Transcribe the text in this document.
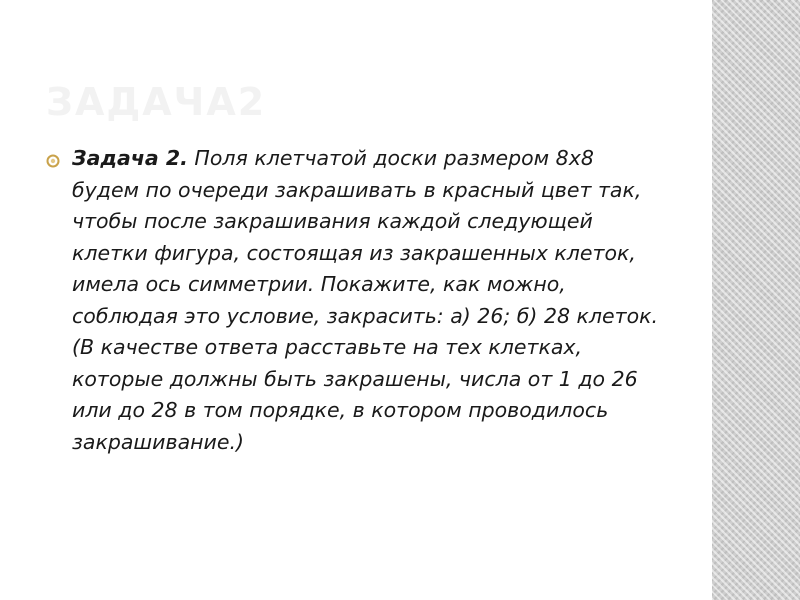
ЗАДАЧА2

Задача 2. Поля клетчатой доски размером 8х8 будем по очереди закрашивать в красный цвет так, чтобы после закрашивания каждой следующей клетки фигура, состоящая из закрашенных клеток, имела ось симметрии. Покажите, как можно, соблюдая это условие, закрасить: а) 26; б) 28 клеток. (В качестве ответа расставьте на тех клетках, которые должны быть закрашены, числа от 1 до 26 или до 28 в том порядке, в котором проводилось закрашивание.)
